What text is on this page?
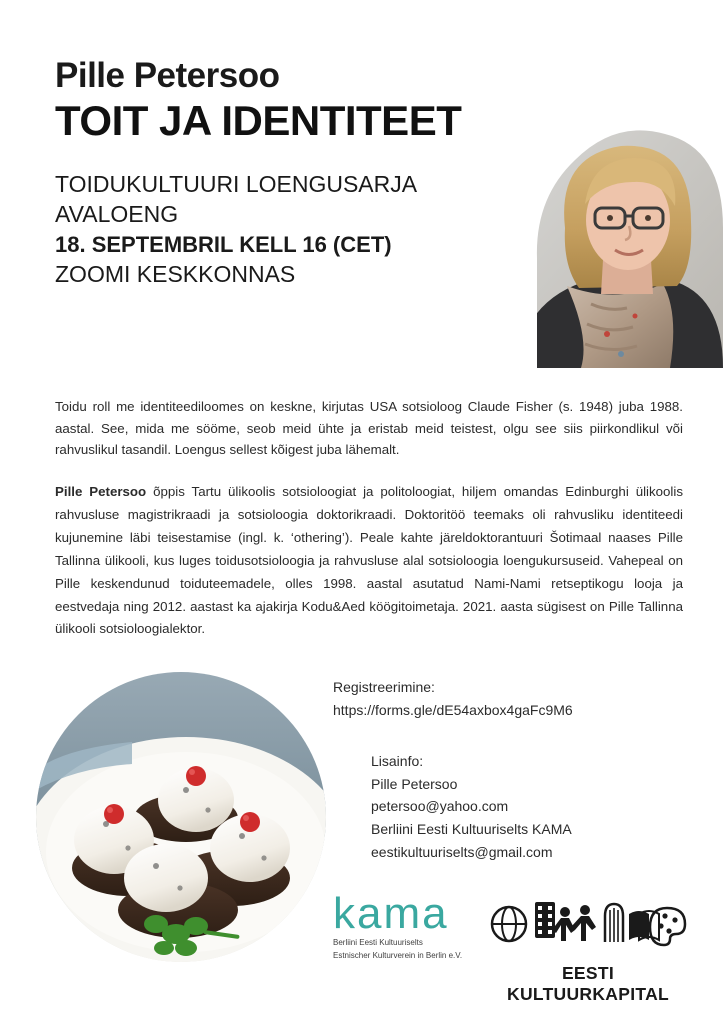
Pille Petersoo
TOIT JA IDENTITEET
TOIDUKULTUURI LOENGUSARJA
AVALOENG
18. SEPTEMBRIL KELL 16 (CET)
ZOOMI KESKKONNAS

Toidu roll me identiteediloomes on keskne, kirjutas USA sotsioloog Claude Fisher (s. 1948) juba 1988. aastal. See, mida me sööme, seob meid ühte ja eristab meid teistest, olgu see siis piirkondlikul või rahvuslikul tasandil. Loengus sellest kõigest juba lähemalt.

Pille Petersoo õppis Tartu ülikoolis sotsioloogiat ja politoloogiat, hiljem omandas Edinburghi ülikoolis rahvusluse magistrikraadi ja sotsioloogia doktorikraadi. Doktoritöö teemaks oli rahvusliku identiteedi kujunemine läbi teisestamise (ingl. k. ‘othering’). Peale kahte järeldoktorantuuri Šotimaal naases Pille Tallinna ülikooli, kus luges toidusotsioloogia ja rahvusluse alal sotsioloogia loengukursuseid. Vahepeal on Pille keskendunud toiduteemadele, olles 1998. aastal asutatud Nami-Nami retseptikogu looja ja eestvedaja ning 2012. aastast ka ajakirja Kodu&Aed köögitoimetaja. 2021. aasta sügisest on Pille Tallinna ülikooli sotsioloogialektor.

Registreerimine:
https://forms.gle/dE54axbox4gaFc9M6
Lisainfo:
Pille Petersoo
petersoo@yahoo.com
Berliini Eesti Kultuuriselts KAMA
eestikultuuriselts@gmail.com
kama
Berliini Eesti Kultuuriselts
Estnischer Kulturverein in Berlin e.V.
EESTI KULTUURKAPITAL
